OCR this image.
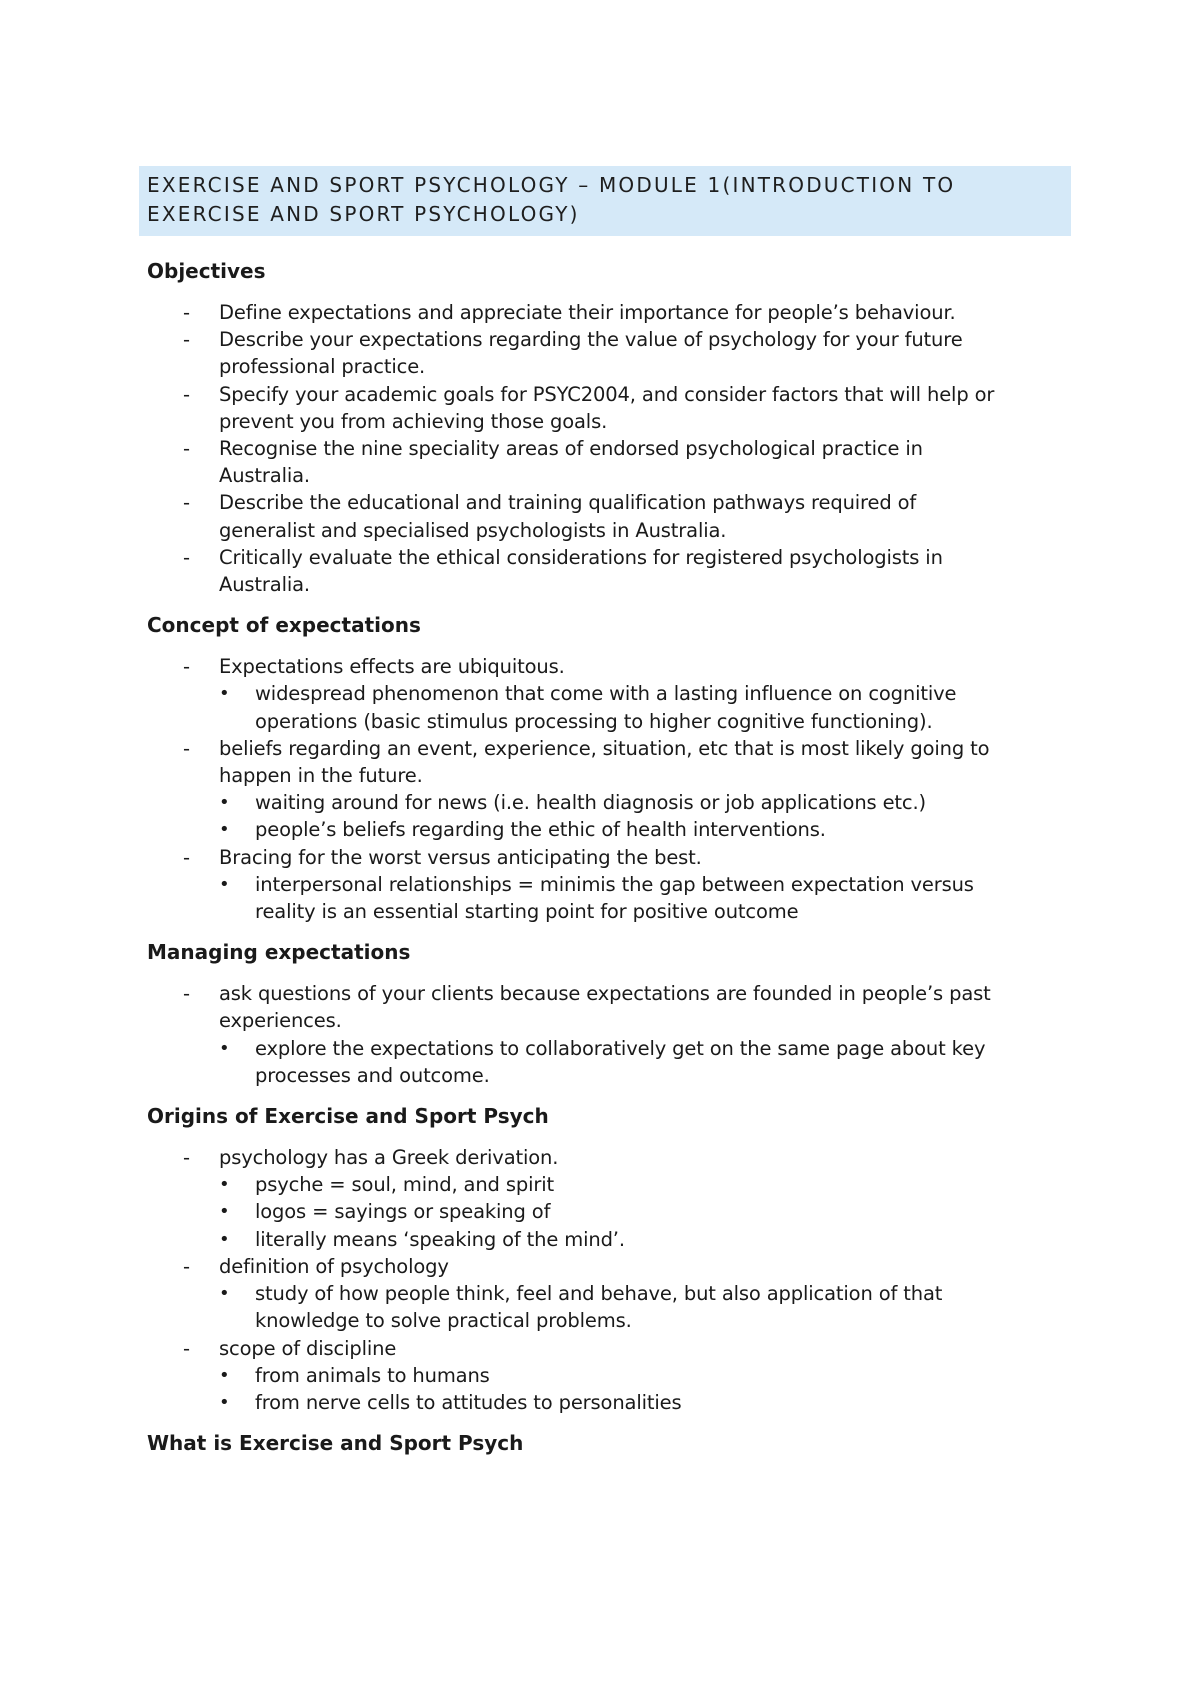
EXERCISE AND SPORT PSYCHOLOGY – MODULE 1(INTRODUCTION TO
EXERCISE AND SPORT PSYCHOLOGY)
Objectives
- Define expectations and appreciate their importance for people’s behaviour.
- Describe your expectations regarding the value of psychology for your future
professional practice.
- Specify your academic goals for PSYC2004, and consider factors that will help or
prevent you from achieving those goals.
- Recognise the nine speciality areas of endorsed psychological practice in
Australia.
- Describe the educational and training qualification pathways required of
generalist and specialised psychologists in Australia.
- Critically evaluate the ethical considerations for registered psychologists in
Australia.
Concept of expectations
- Expectations effects are ubiquitous.
• widespread phenomenon that come with a lasting influence on cognitive
operations (basic stimulus processing to higher cognitive functioning).
- beliefs regarding an event, experience, situation, etc that is most likely going to
happen in the future.
• waiting around for news (i.e. health diagnosis or job applications etc.)
• people’s beliefs regarding the ethic of health interventions.
- Bracing for the worst versus anticipating the best.
• interpersonal relationships = minimis the gap between expectation versus
reality is an essential starting point for positive outcome
Managing expectations
- ask questions of your clients because expectations are founded in people’s past
experiences.
• explore the expectations to collaboratively get on the same page about key
processes and outcome.
Origins of Exercise and Sport Psych
- psychology has a Greek derivation.
• psyche = soul, mind, and spirit
• logos = sayings or speaking of
• literally means ‘speaking of the mind’.
- definition of psychology
• study of how people think, feel and behave, but also application of that
knowledge to solve practical problems.
- scope of discipline
• from animals to humans
• from nerve cells to attitudes to personalities
What is Exercise and Sport Psych
